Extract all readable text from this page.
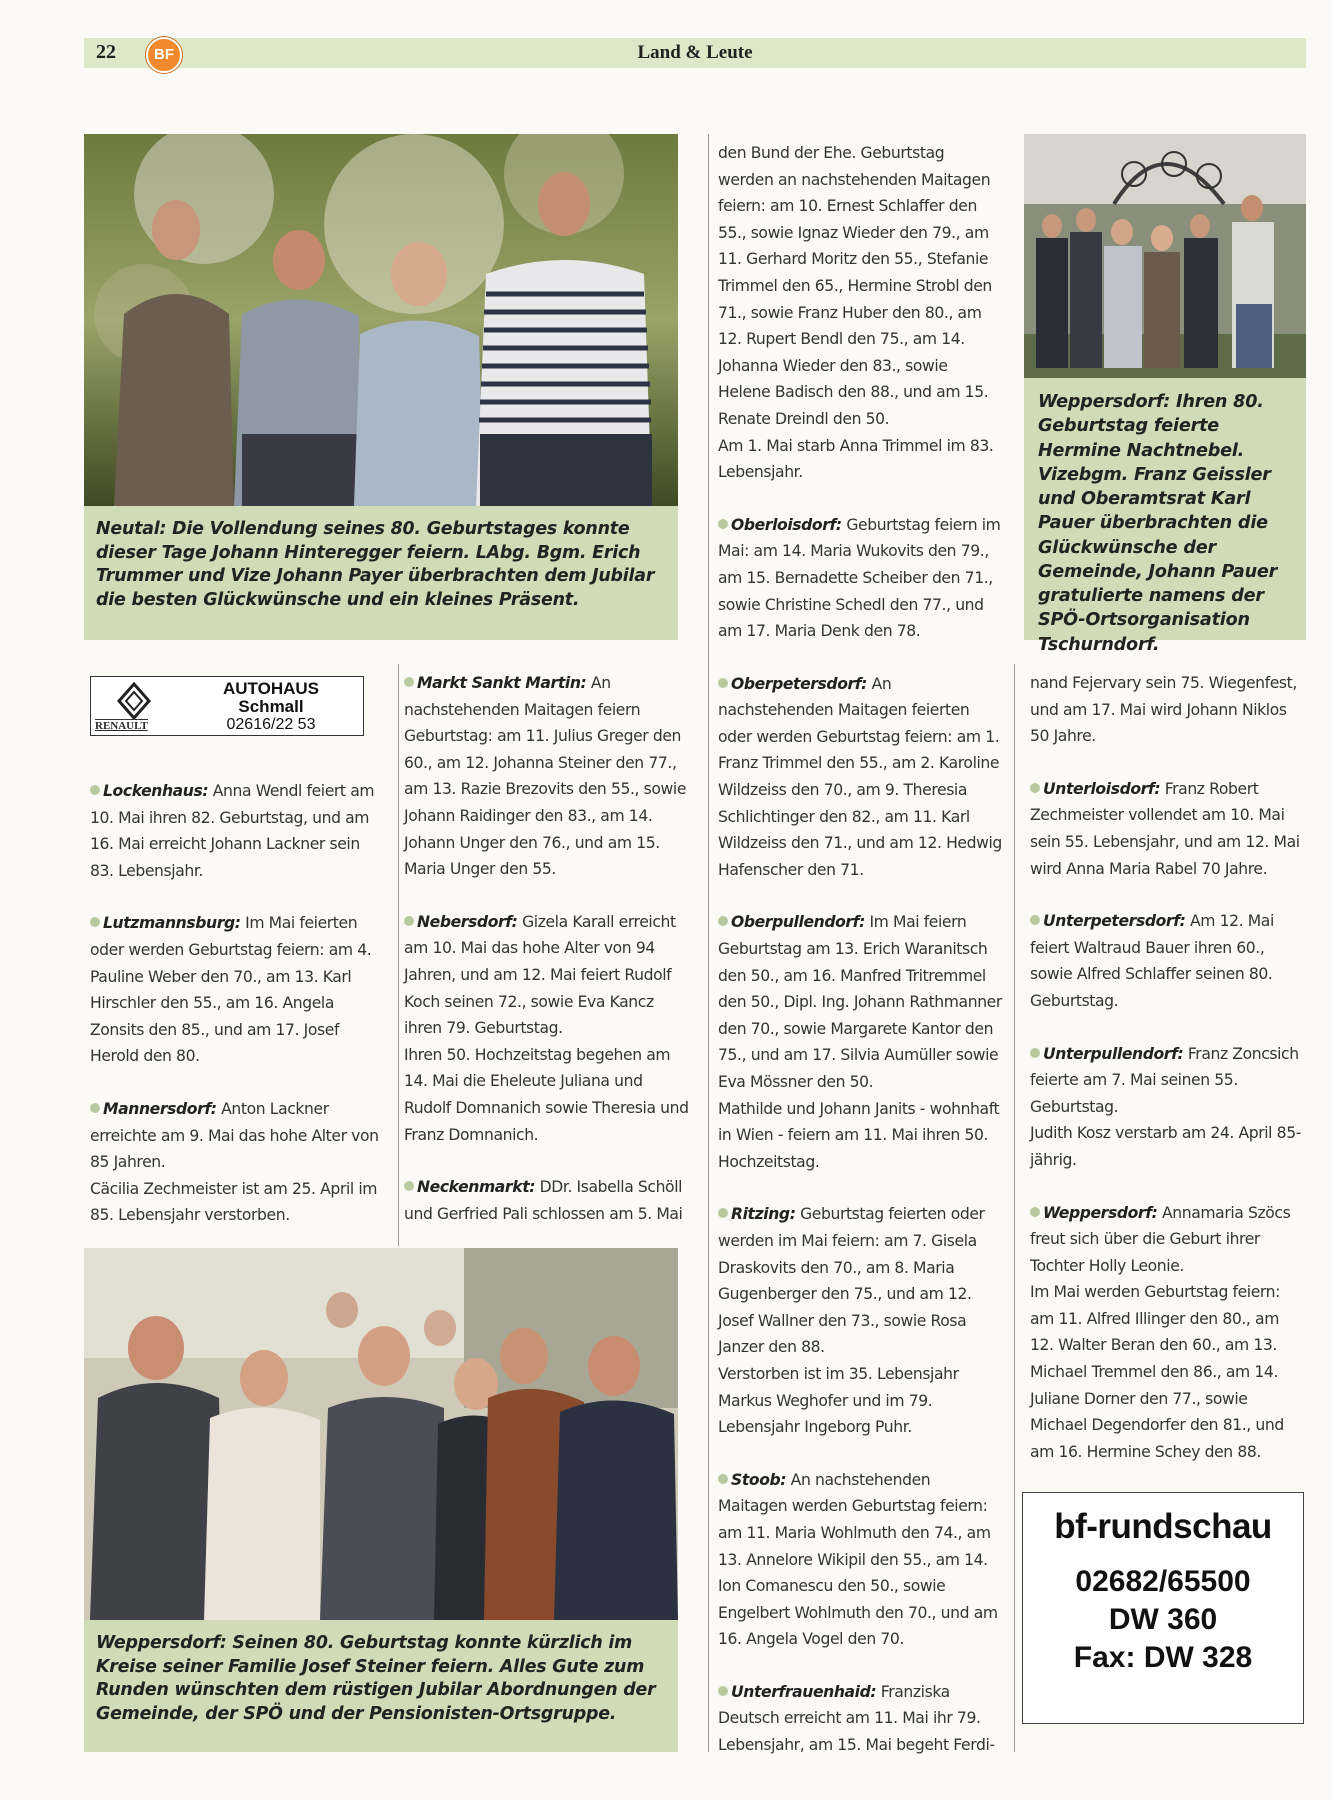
22	BF	Land & Leute
Neutal: Die Vollendung seines 80. Geburtstages konnte dieser Tage Johann Hinteregger feiern. LAbg. Bgm. Erich Trummer und Vize Johann Payer überbrachten dem Jubilar die besten Glückwünsche und ein kleines Präsent.
Weppersdorf: Ihren 80. Geburtstag feierte Hermine Nachtnebel. Vizebgm. Franz Geissler und Oberamtsrat Karl Pauer überbrachten die Glückwünsche der Gemeinde, Johann Pauer gratulierte namens der SPÖ-Ortsorganisation Tschurndorf.
Weppersdorf: Seinen 80. Geburtstag konnte kürzlich im Kreise seiner Familie Josef Steiner feiern. Alles Gute zum Runden wünschten dem rüstigen Jubilar Abordnungen der Gemeinde, der SPÖ und der Pensionisten-Ortsgruppe.
RENAULT
AUTOHAUS
Schmall
02616/22 53

Lockenhaus: Anna Wendl feiert am 10. Mai ihren 82. Geburtstag, und am 16. Mai erreicht Johann Lackner sein 83. Lebensjahr.

Lutzmannsburg: Im Mai feierten oder werden Geburtstag feiern: am 4. Pauline Weber den 70., am 13. Karl Hirschler den 55., am 16. Angela Zonsits den 85., und am 17. Josef Herold den 80.

Mannersdorf: Anton Lackner erreichte am 9. Mai das hohe Alter von 85 Jahren.
Cäcilia Zechmeister ist am 25. April im 85. Lebensjahr verstorben.

Markt Sankt Martin: An nachstehenden Maitagen feiern Geburtstag: am 11. Julius Greger den 60., am 12. Johanna Steiner den 77., am 13. Razie Brezovits den 55., sowie Johann Raidinger den 83., am 14. Johann Unger den 76., und am 15. Maria Unger den 55.

Nebersdorf: Gizela Karall erreicht am 10. Mai das hohe Alter von 94 Jahren, und am 12. Mai feiert Rudolf Koch seinen 72., sowie Eva Kancz ihren 79. Geburtstag.
Ihren 50. Hochzeitstag begehen am 14. Mai die Eheleute Juliana und Rudolf Domnanich sowie Theresia und Franz Domnanich.

Neckenmarkt: DDr. Isabella Schöll und Gerfried Pali schlossen am 5. Mai

den Bund der Ehe. Geburtstag werden an nachstehenden Maitagen feiern: am 10. Ernest Schlaffer den 55., sowie Ignaz Wieder den 79., am 11. Gerhard Moritz den 55., Stefanie Trimmel den 65., Hermine Strobl den 71., sowie Franz Huber den 80., am 12. Rupert Bendl den 75., am 14. Johanna Wieder den 83., sowie Helene Badisch den 88., und am 15. Renate Dreindl den 50.
Am 1. Mai starb Anna Trimmel im 83. Lebensjahr.

Oberloisdorf: Geburtstag feiern im Mai: am 14. Maria Wukovits den 79., am 15. Bernadette Scheiber den 71., sowie Christine Schedl den 77., und am 17. Maria Denk den 78.

Oberpetersdorf: An nachstehenden Maitagen feierten oder werden Geburtstag feiern: am 1. Franz Trimmel den 55., am 2. Karoline Wildzeiss den 70., am 9. Theresia Schlichtinger den 82., am 11. Karl Wildzeiss den 71., und am 12. Hedwig Hafenscher den 71.

Oberpullendorf: Im Mai feiern Geburtstag am 13. Erich Waranitsch den 50., am 16. Manfred Tritremmel den 50., Dipl. Ing. Johann Rathmanner den 70., sowie Margarete Kantor den 75., und am 17. Silvia Aumüller sowie Eva Mössner den 50.
Mathilde und Johann Janits - wohnhaft in Wien - feiern am 11. Mai ihren 50. Hochzeitstag.

Ritzing: Geburtstag feierten oder werden im Mai feiern: am 7. Gisela Draskovits den 70., am 8. Maria Gugenberger den 75., und am 12. Josef Wallner den 73., sowie Rosa Janzer den 88.
Verstorben ist im 35. Lebensjahr Markus Weghofer und im 79. Lebensjahr Ingeborg Puhr.

Stoob: An nachstehenden Maitagen werden Geburtstag feiern: am 11. Maria Wohlmuth den 74., am 13. Annelore Wikipil den 55., am 14. Ion Comanescu den 50., sowie Engelbert Wohlmuth den 70., und am 16. Angela Vogel den 70.

Unterfrauenhaid: Franziska Deutsch erreicht am 11. Mai ihr 79. Lebensjahr, am 15. Mai begeht Ferdi-

nand Fejervary sein 75. Wiegenfest, und am 17. Mai wird Johann Niklos 50 Jahre.

Unterloisdorf: Franz Robert Zechmeister vollendet am 10. Mai sein 55. Lebensjahr, und am 12. Mai wird Anna Maria Rabel 70 Jahre.

Unterpetersdorf: Am 12. Mai feiert Waltraud Bauer ihren 60., sowie Alfred Schlaffer seinen 80. Geburtstag.

Unterpullendorf: Franz Zoncsich feierte am 7. Mai seinen 55. Geburtstag.
Judith Kosz verstarb am 24. April 85-jährig.

Weppersdorf: Annamaria Szöcs freut sich über die Geburt ihrer Tochter Holly Leonie.
Im Mai werden Geburtstag feiern: am 11. Alfred Illinger den 80., am 12. Walter Beran den 60., am 13. Michael Tremmel den 86., am 14. Juliane Dorner den 77., sowie Michael Degendorfer den 81., und am 16. Hermine Schey den 88.

bf-rundschau
02682/65500
DW 360
Fax: DW 328
